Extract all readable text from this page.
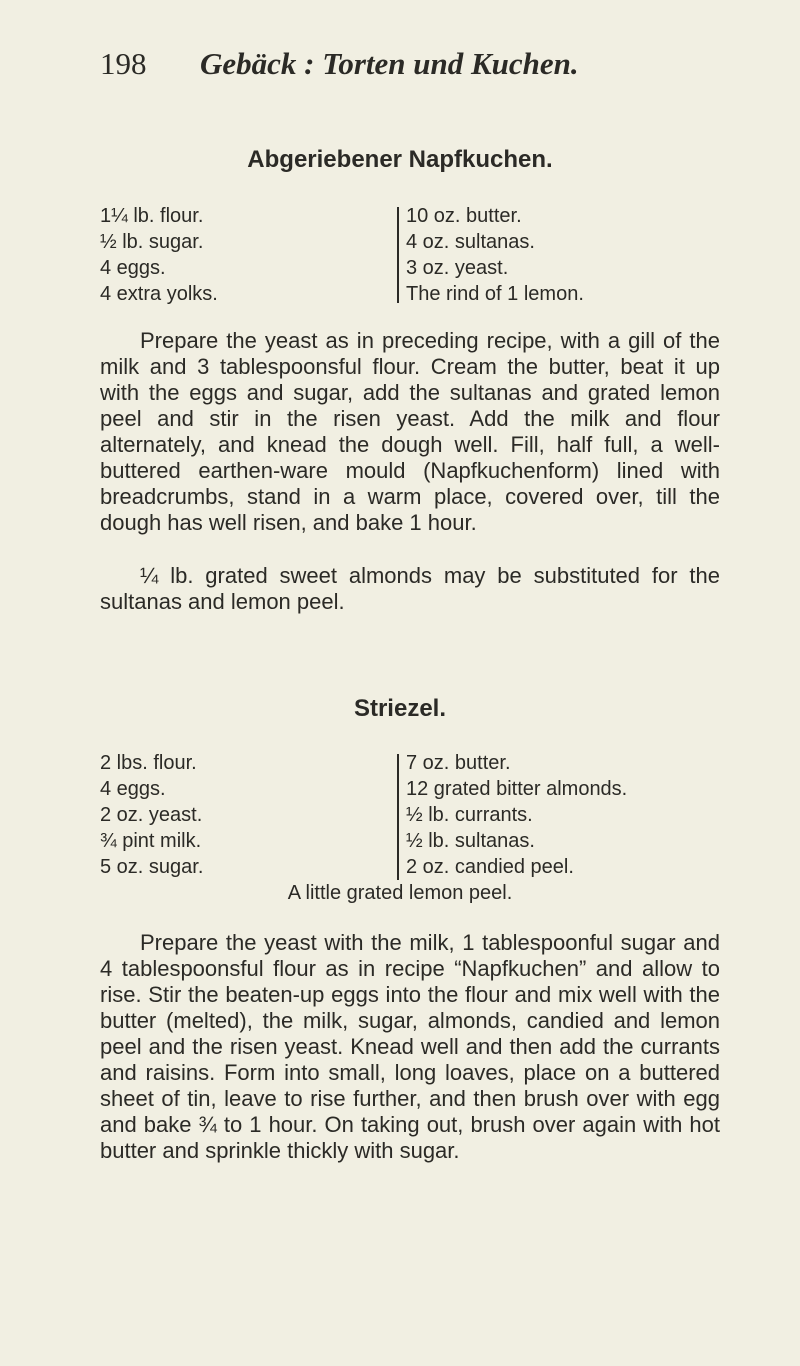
198 Gebäck : Torten und Kuchen.
Abgeriebener Napfkuchen.
1¼ lb. flour.
½ lb. sugar.
4 eggs.
4 extra yolks.
10 oz. butter.
4 oz. sultanas.
3 oz. yeast.
The rind of 1 lemon.

Prepare the yeast as in preceding recipe, with a gill of the milk and 3 tablespoonsful flour. Cream the butter, beat it up with the eggs and sugar, add the sultanas and grated lemon peel and stir in the risen yeast. Add the milk and flour alternately, and knead the dough well. Fill, half full, a well-buttered earthen-ware mould (Napfkuchenform) lined with breadcrumbs, stand in a warm place, covered over, till the dough has well risen, and bake 1 hour.

¼ lb. grated sweet almonds may be substituted for the sultanas and lemon peel.

Striezel.
2 lbs. flour.
4 eggs.
2 oz. yeast.
¾ pint milk.
5 oz. sugar.
7 oz. butter.
12 grated bitter almonds.
½ lb. currants.
½ lb. sultanas.
2 oz. candied peel.
A little grated lemon peel.

Prepare the yeast with the milk, 1 tablespoonful sugar and 4 tablespoonsful flour as in recipe “Napfkuchen” and allow to rise. Stir the beaten-up eggs into the flour and mix well with the butter (melted), the milk, sugar, almonds, candied and lemon peel and the risen yeast. Knead well and then add the currants and raisins. Form into small, long loaves, place on a buttered sheet of tin, leave to rise further, and then brush over with egg and bake ¾ to 1 hour. On taking out, brush over again with hot butter and sprinkle thickly with sugar.
